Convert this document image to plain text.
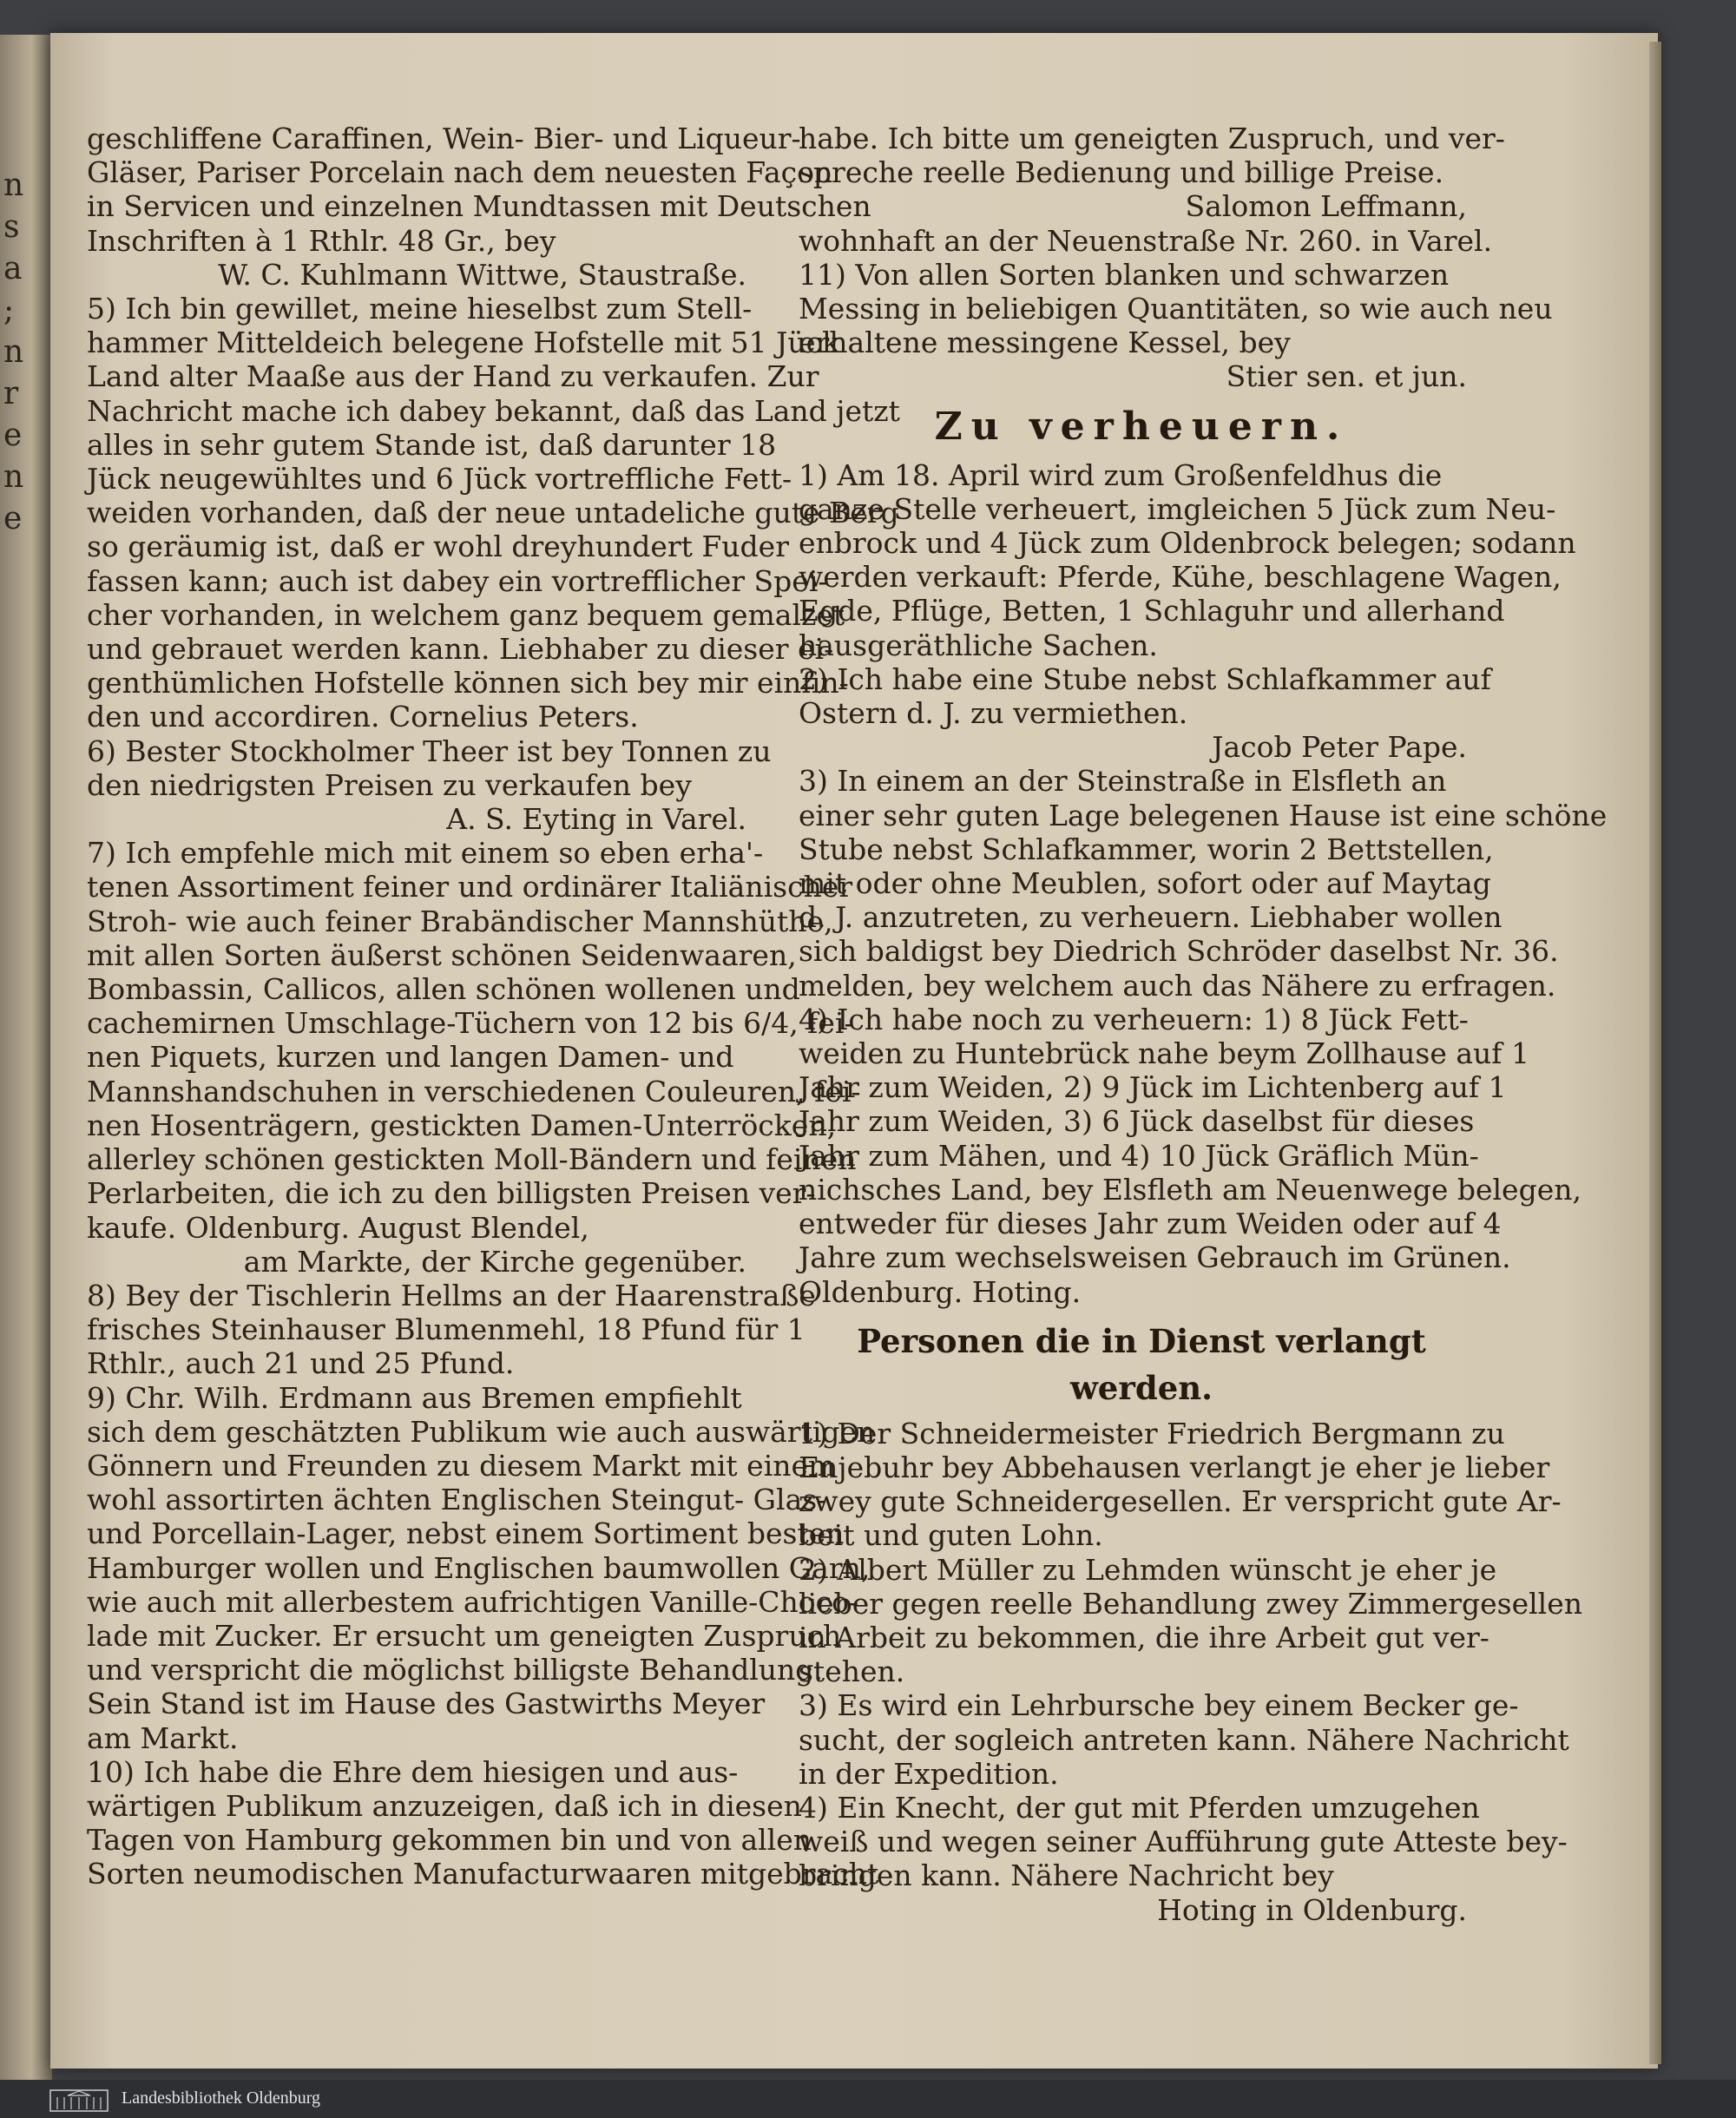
n
s
a
;
n
r
e
n
e

geschliffene Caraffinen, Wein- Bier- und Liqueur-

Gläser, Pariser Porcelain nach dem neuesten Façon

in Servicen und einzelnen Mundtassen mit Deutschen

Inschriften à 1 Rthlr. 48 Gr., bey

W. C. Kuhlmann Wittwe, Staustraße.

5) Ich bin gewillet, meine hieselbst zum Stell-

hammer Mitteldeich belegene Hofstelle mit 51 Jück

Land alter Maaße aus der Hand zu verkaufen. Zur

Nachricht mache ich dabey bekannt, daß das Land jetzt

alles in sehr gutem Stande ist, daß darunter 18

Jück neugewühltes und 6 Jück vortreffliche Fett-

weiden vorhanden, daß der neue untadeliche gute Berg

so geräumig ist, daß er wohl dreyhundert Fuder

fassen kann; auch ist dabey ein vortrefflicher Spei-

cher vorhanden, in welchem ganz bequem gemalzet

und gebrauet werden kann. Liebhaber zu dieser ei-

genthümlichen Hofstelle können sich bey mir einfin-

den und accordiren. Cornelius Peters.

6) Bester Stockholmer Theer ist bey Tonnen zu

den niedrigsten Preisen zu verkaufen bey

A. S. Eyting in Varel.

7) Ich empfehle mich mit einem so eben erha'-

tenen Assortiment feiner und ordinärer Italiänischer

Stroh- wie auch feiner Brabändischer Mannshüthe,

mit allen Sorten äußerst schönen Seidenwaaren,

Bombassin, Callicos, allen schönen wollenen und

cachemirnen Umschlage-Tüchern von 12 bis 6/4, fei-

nen Piquets, kurzen und langen Damen- und

Mannshandschuhen in verschiedenen Couleuren, fei-

nen Hosenträgern, gestickten Damen-Unterröcken,

allerley schönen gestickten Moll-Bändern und feinen

Perlarbeiten, die ich zu den billigsten Preisen ver-

kaufe. Oldenburg. August Blendel,

am Markte, der Kirche gegenüber.

8) Bey der Tischlerin Hellms an der Haarenstraße

frisches Steinhauser Blumenmehl, 18 Pfund für 1

Rthlr., auch 21 und 25 Pfund.

9) Chr. Wilh. Erdmann aus Bremen empfiehlt

sich dem geschätzten Publikum wie auch auswärtigen

Gönnern und Freunden zu diesem Markt mit einem

wohl assortirten ächten Englischen Steingut- Glas-

und Porcellain-Lager, nebst einem Sortiment besten

Hamburger wollen und Englischen baumwollen Garn,

wie auch mit allerbestem aufrichtigen Vanille-Choco-

lade mit Zucker. Er ersucht um geneigten Zuspruch

und verspricht die möglichst billigste Behandlung.

Sein Stand ist im Hause des Gastwirths Meyer

am Markt.

10) Ich habe die Ehre dem hiesigen und aus-

wärtigen Publikum anzuzeigen, daß ich in diesen

Tagen von Hamburg gekommen bin und von allen

Sorten neumodischen Manufacturwaaren mitgebracht

habe. Ich bitte um geneigten Zuspruch, und ver-

spreche reelle Bedienung und billige Preise.

Salomon Leffmann,

wohnhaft an der Neuenstraße Nr. 260. in Varel.

11) Von allen Sorten blanken und schwarzen

Messing in beliebigen Quantitäten, so wie auch neu

erhaltene messingene Kessel, bey

Stier sen. et jun.

Zu verheuern.

1) Am 18. April wird zum Großenfeldhus die

ganze Stelle verheuert, imgleichen 5 Jück zum Neu-

enbrock und 4 Jück zum Oldenbrock belegen; sodann

werden verkauft: Pferde, Kühe, beschlagene Wagen,

Egde, Pflüge, Betten, 1 Schlaguhr und allerhand

hausgeräthliche Sachen.

2) Ich habe eine Stube nebst Schlafkammer auf

Ostern d. J. zu vermiethen.

Jacob Peter Pape.

3) In einem an der Steinstraße in Elsfleth an

einer sehr guten Lage belegenen Hause ist eine schöne

Stube nebst Schlafkammer, worin 2 Bettstellen,

mit oder ohne Meublen, sofort oder auf Maytag

d. J. anzutreten, zu verheuern. Liebhaber wollen

sich baldigst bey Diedrich Schröder daselbst Nr. 36.

melden, bey welchem auch das Nähere zu erfragen.

4) Ich habe noch zu verheuern: 1) 8 Jück Fett-

weiden zu Huntebrück nahe beym Zollhause auf 1

Jahr zum Weiden, 2) 9 Jück im Lichtenberg auf 1

Jahr zum Weiden, 3) 6 Jück daselbst für dieses

Jahr zum Mähen, und 4) 10 Jück Gräflich Mün-

nichsches Land, bey Elsfleth am Neuenwege belegen,

entweder für dieses Jahr zum Weiden oder auf 4

Jahre zum wechselsweisen Gebrauch im Grünen.

Oldenburg. Hoting.

Personen die in Dienst verlangt werden.

1) Der Schneidermeister Friedrich Bergmann zu

Enjebuhr bey Abbehausen verlangt je eher je lieber

zwey gute Schneidergesellen. Er verspricht gute Ar-

beit und guten Lohn.

2) Albert Müller zu Lehmden wünscht je eher je

lieber gegen reelle Behandlung zwey Zimmergesellen

in Arbeit zu bekommen, die ihre Arbeit gut ver-

stehen.

3) Es wird ein Lehrbursche bey einem Becker ge-

sucht, der sogleich antreten kann. Nähere Nachricht

in der Expedition.

4) Ein Knecht, der gut mit Pferden umzugehen

weiß und wegen seiner Aufführung gute Atteste bey-

bringen kann. Nähere Nachricht bey

Hoting in Oldenburg.

Landesbibliothek Oldenburg
